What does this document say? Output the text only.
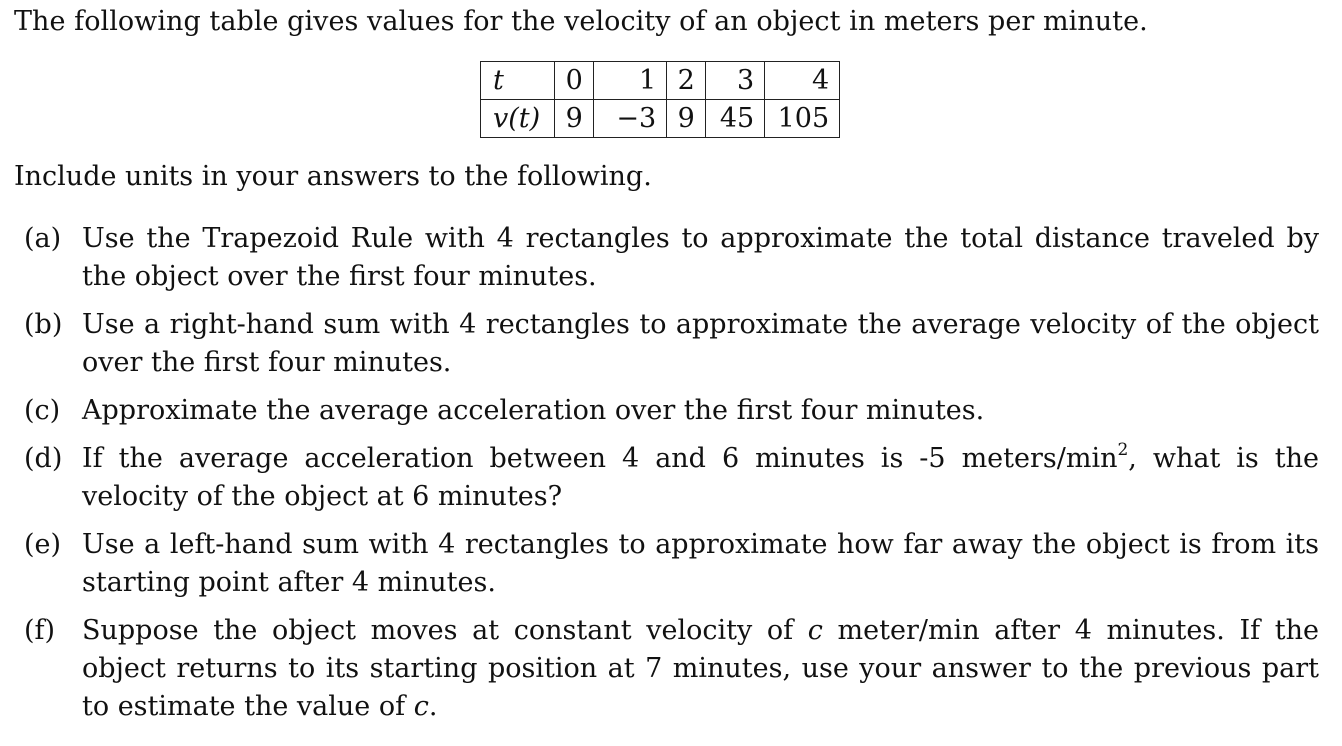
The following table gives values for the velocity of an object in meters per minute.
t	0	1	2	3	4
v(t)	9	−3	9	45	105
Include units in your answers to the following.
(a) Use the Trapezoid Rule with 4 rectangles to approximate the total distance traveled by the object over the first four minutes.
(b) Use a right-hand sum with 4 rectangles to approximate the average velocity of the object over the first four minutes.
(c) Approximate the average acceleration over the first four minutes.
(d) If the average acceleration between 4 and 6 minutes is -5 meters/$\min^2$, what is the velocity of the object at 6 minutes?
(e) Use a left-hand sum with 4 rectangles to approximate how far away the object is from its starting point after 4 minutes.
(f) Suppose the object moves at constant velocity of c meter/min after 4 minutes. If the object returns to its starting position at 7 minutes, use your answer to the previous part to estimate the value of c.
